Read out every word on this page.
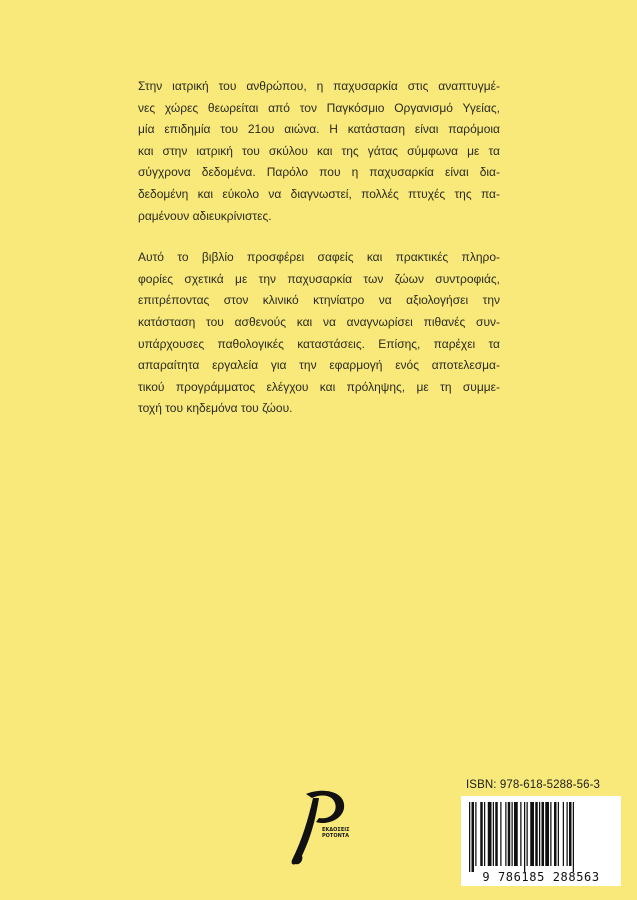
Στην ιατρική του ανθρώπου, η παχυσαρκία στις αναπτυγμέ-
νες χώρες θεωρείται από τον Παγκόσμιο Οργανισμό Υγείας,
μία επιδημία του 21ου αιώνα. Η κατάσταση είναι παρόμοια
και στην ιατρική του σκύλου και της γάτας σύμφωνα με τα
σύγχρονα δεδομένα. Παρόλο που η παχυσαρκία είναι δια-
δεδομένη και εύκολο να διαγνωστεί, πολλές πτυχές της πα-
ραμένουν αδιευκρίνιστες.

Αυτό το βιβλίο προσφέρει σαφείς και πρακτικές πληρο-
φορίες σχετικά με την παχυσαρκία των ζώων συντροφιάς,
επιτρέποντας στον κλινικό κτηνίατρο να αξιολογήσει την
κατάσταση του ασθενούς και να αναγνωρίσει πιθανές συν-
υπάρχουσες παθολογικές καταστάσεις. Επίσης, παρέχει τα
απαραίτητα εργαλεία για την εφαρμογή ενός αποτελεσμα-
τικού προγράμματος ελέγχου και πρόληψης, με τη συμμε-
τοχή του κηδεμόνα του ζώου.

ΕΚΔΟΣΕΙΣ
ΡΟΤΟΝΤΑ
ISBN: 978-618-5288-56-3
9 786185 288563
